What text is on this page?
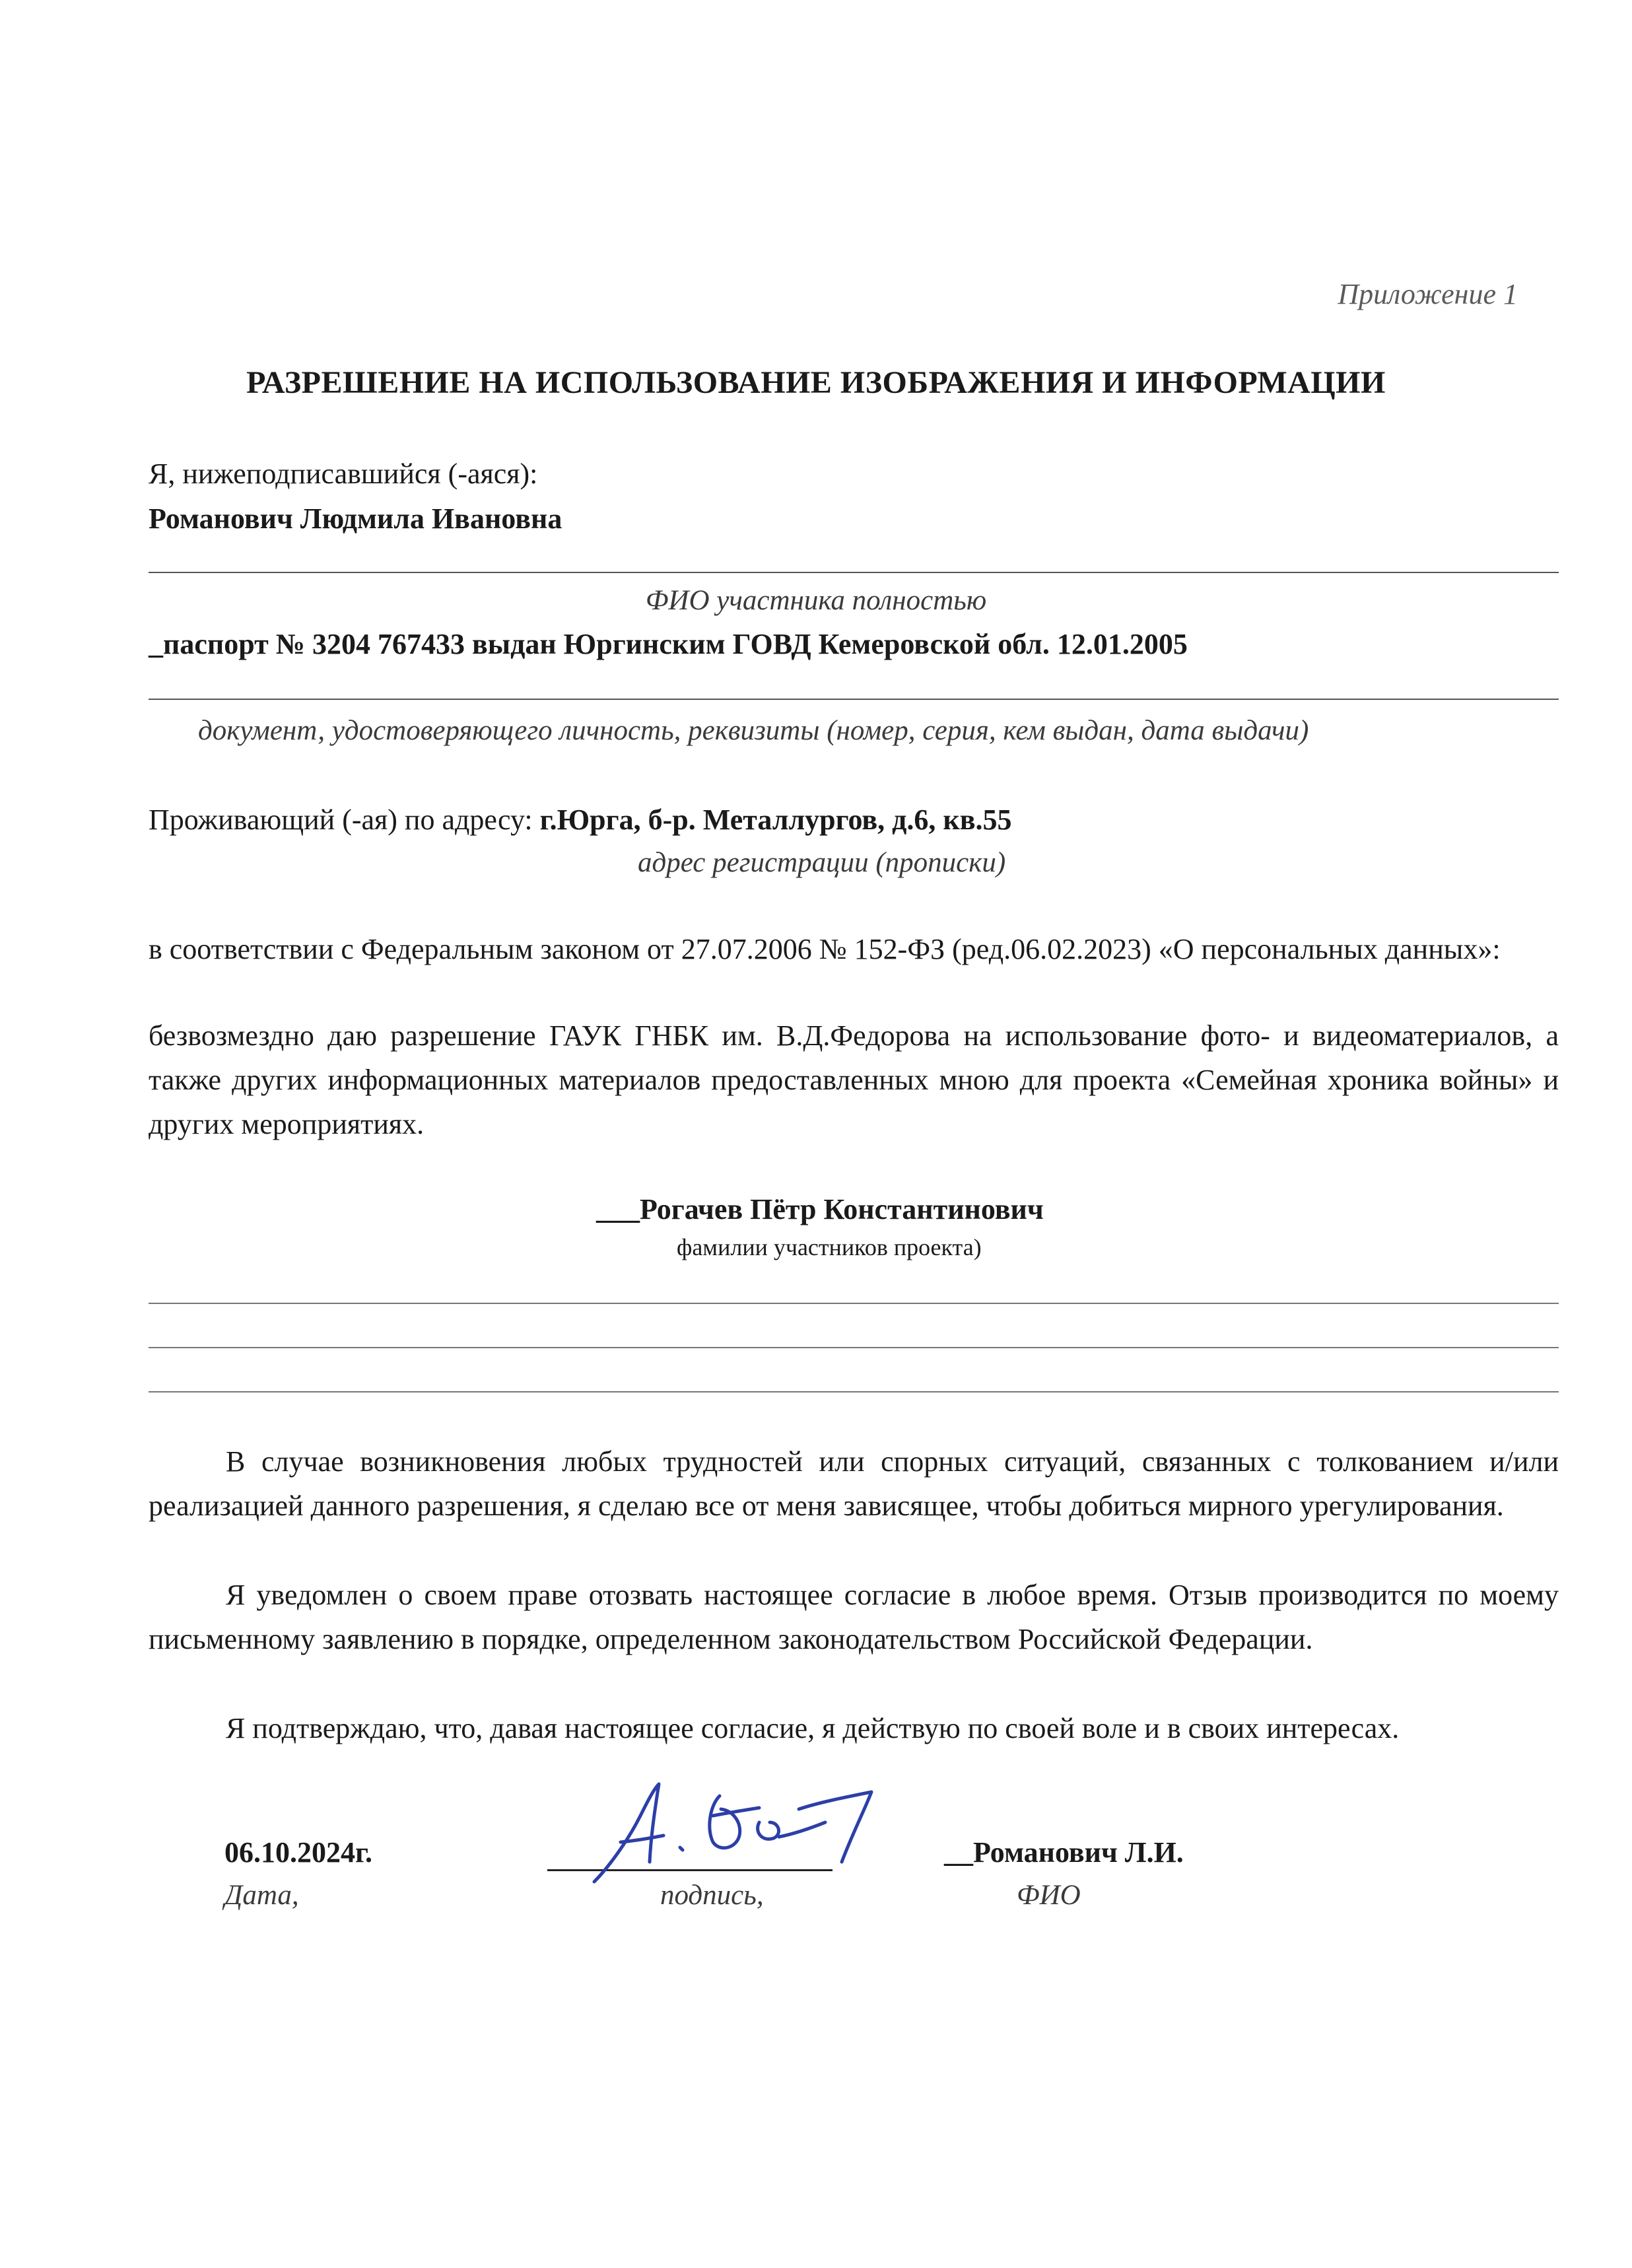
Приложение 1
РАЗРЕШЕНИЕ НА ИСПОЛЬЗОВАНИЕ ИЗОБРАЖЕНИЯ И ИНФОРМАЦИИ
Я, нижеподписавшийся (-аяся):
Романович Людмила Ивановна
ФИО участника полностью
_паспорт № 3204 767433 выдан Юргинским ГОВД Кемеровской обл. 12.01.2005
документ, удостоверяющего личность, реквизиты (номер, серия, кем выдан, дата выдачи)
Проживающий (-ая) по адресу: г.Юрга, б-р. Металлургов, д.6, кв.55
адрес регистрации (прописки)
в соответствии с Федеральным законом от 27.07.2006 № 152-ФЗ (ред.06.02.2023) «О персональных данных»:
безвозмездно даю разрешение ГАУК ГНБК им. В.Д.Федорова на использование фото- и видеоматериалов, а также других информационных материалов предоставленных мною для проекта «Семейная хроника войны» и других мероприятиях.
___Рогачев Пётр Константинович
фамилии участников проекта)
В случае возникновения любых трудностей или спорных ситуаций, связанных с толкованием и/или реализацией данного разрешения, я сделаю все от меня зависящее, чтобы добиться мирного урегулирования.
Я уведомлен о своем праве отозвать настоящее согласие в любое время. Отзыв производится по моему письменному заявлению в порядке, определенном законодательством Российской Федерации.
Я подтверждаю, что, давая настоящее согласие, я действую по своей воле и в своих интересах.
06.10.2024г.
Дата,	подпись,
__Романович Л.И.
ФИО
